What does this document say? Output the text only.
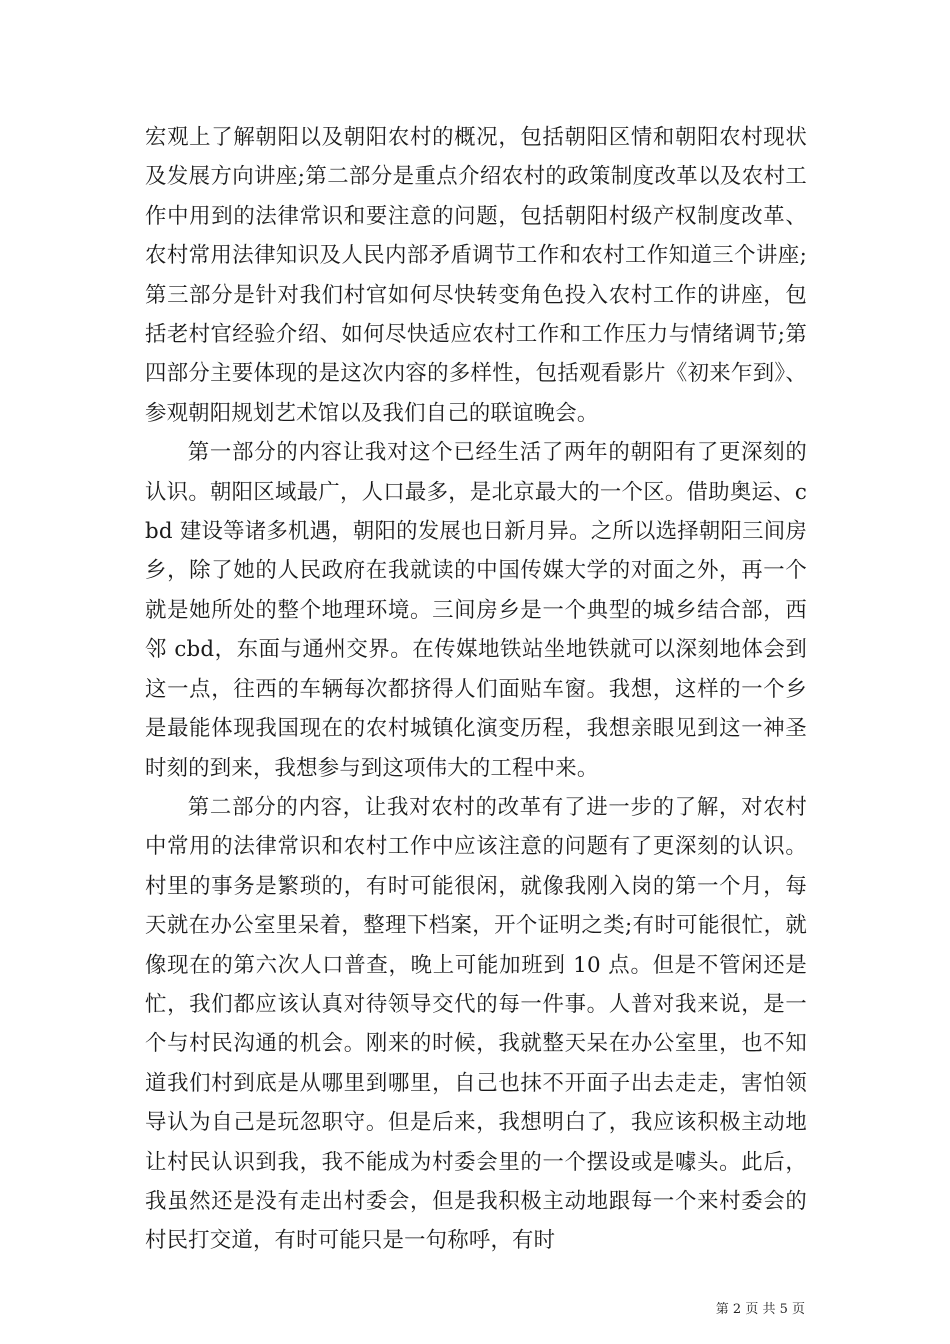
宏观上了解朝阳以及朝阳农村的概况，包括朝阳区情和朝阳农村现状及发展方向讲座;第二部分是重点介绍农村的政策制度改革以及农村工作中用到的法律常识和要注意的问题，包括朝阳村级产权制度改革、农村常用法律知识及人民内部矛盾调节工作和农村工作知道三个讲座;第三部分是针对我们村官如何尽快转变角色投入农村工作的讲座，包括老村官经验介绍、如何尽快适应农村工作和工作压力与情绪调节;第四部分主要体现的是这次内容的多样性，包括观看影片《初来乍到》、参观朝阳规划艺术馆以及我们自己的联谊晚会。

第一部分的内容让我对这个已经生活了两年的朝阳有了更深刻的认识。朝阳区域最广，人口最多，是北京最大的一个区。借助奥运、cbd 建设等诸多机遇，朝阳的发展也日新月异。之所以选择朝阳三间房乡，除了她的人民政府在我就读的中国传媒大学的对面之外，再一个就是她所处的整个地理环境。三间房乡是一个典型的城乡结合部，西邻 cbd，东面与通州交界。在传媒地铁站坐地铁就可以深刻地体会到这一点，往西的车辆每次都挤得人们面贴车窗。我想，这样的一个乡是最能体现我国现在的农村城镇化演变历程，我想亲眼见到这一神圣时刻的到来，我想参与到这项伟大的工程中来。

第二部分的内容，让我对农村的改革有了进一步的了解，对农村中常用的法律常识和农村工作中应该注意的问题有了更深刻的认识。村里的事务是繁琐的，有时可能很闲，就像我刚入岗的第一个月，每天就在办公室里呆着，整理下档案，开个证明之类;有时可能很忙，就像现在的第六次人口普查，晚上可能加班到 10 点。但是不管闲还是忙，我们都应该认真对待领导交代的每一件事。人普对我来说，是一个与村民沟通的机会。刚来的时候，我就整天呆在办公室里，也不知道我们村到底是从哪里到哪里，自己也抹不开面子出去走走，害怕领导认为自己是玩忽职守。但是后来，我想明白了，我应该积极主动地让村民认识到我，我不能成为村委会里的一个摆设或是噱头。此后，我虽然还是没有走出村委会，但是我积极主动地跟每一个来村委会的村民打交道，有时可能只是一句称呼，有时

第 2 页 共 5 页
